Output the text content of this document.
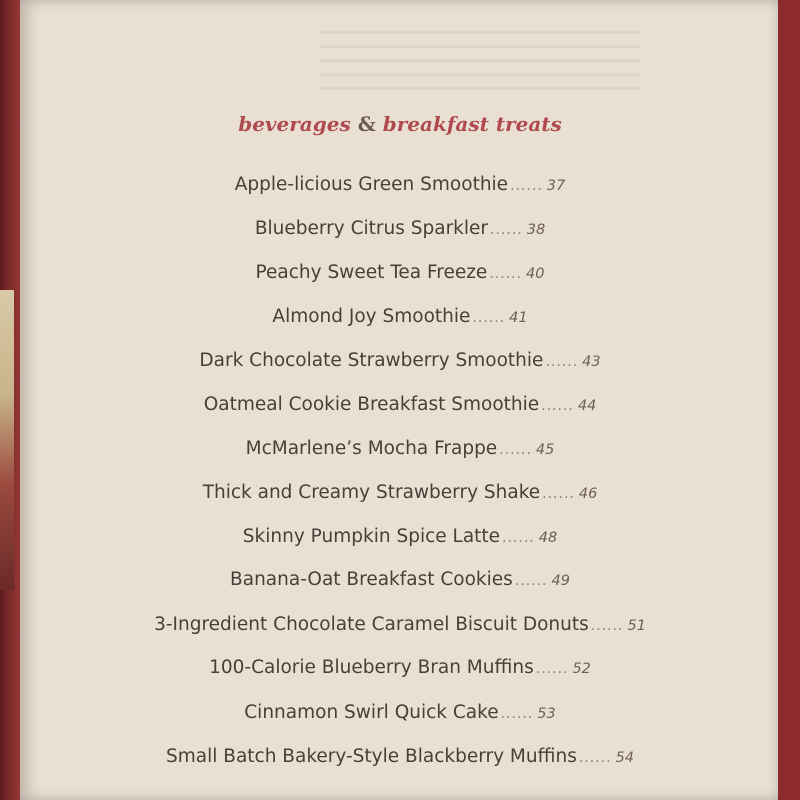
beverages & breakfast treats
Apple-licious Green Smoothie ...... 37
Blueberry Citrus Sparkler ...... 38
Peachy Sweet Tea Freeze ...... 40
Almond Joy Smoothie ...... 41
Dark Chocolate Strawberry Smoothie ...... 43
Oatmeal Cookie Breakfast Smoothie ...... 44
McMarlene’s Mocha Frappe ...... 45
Thick and Creamy Strawberry Shake ...... 46
Skinny Pumpkin Spice Latte ...... 48
Banana-Oat Breakfast Cookies ...... 49
3-Ingredient Chocolate Caramel Biscuit Donuts ...... 51
100-Calorie Blueberry Bran Muffins ...... 52
Cinnamon Swirl Quick Cake ...... 53
Small Batch Bakery-Style Blackberry Muffins ...... 54
